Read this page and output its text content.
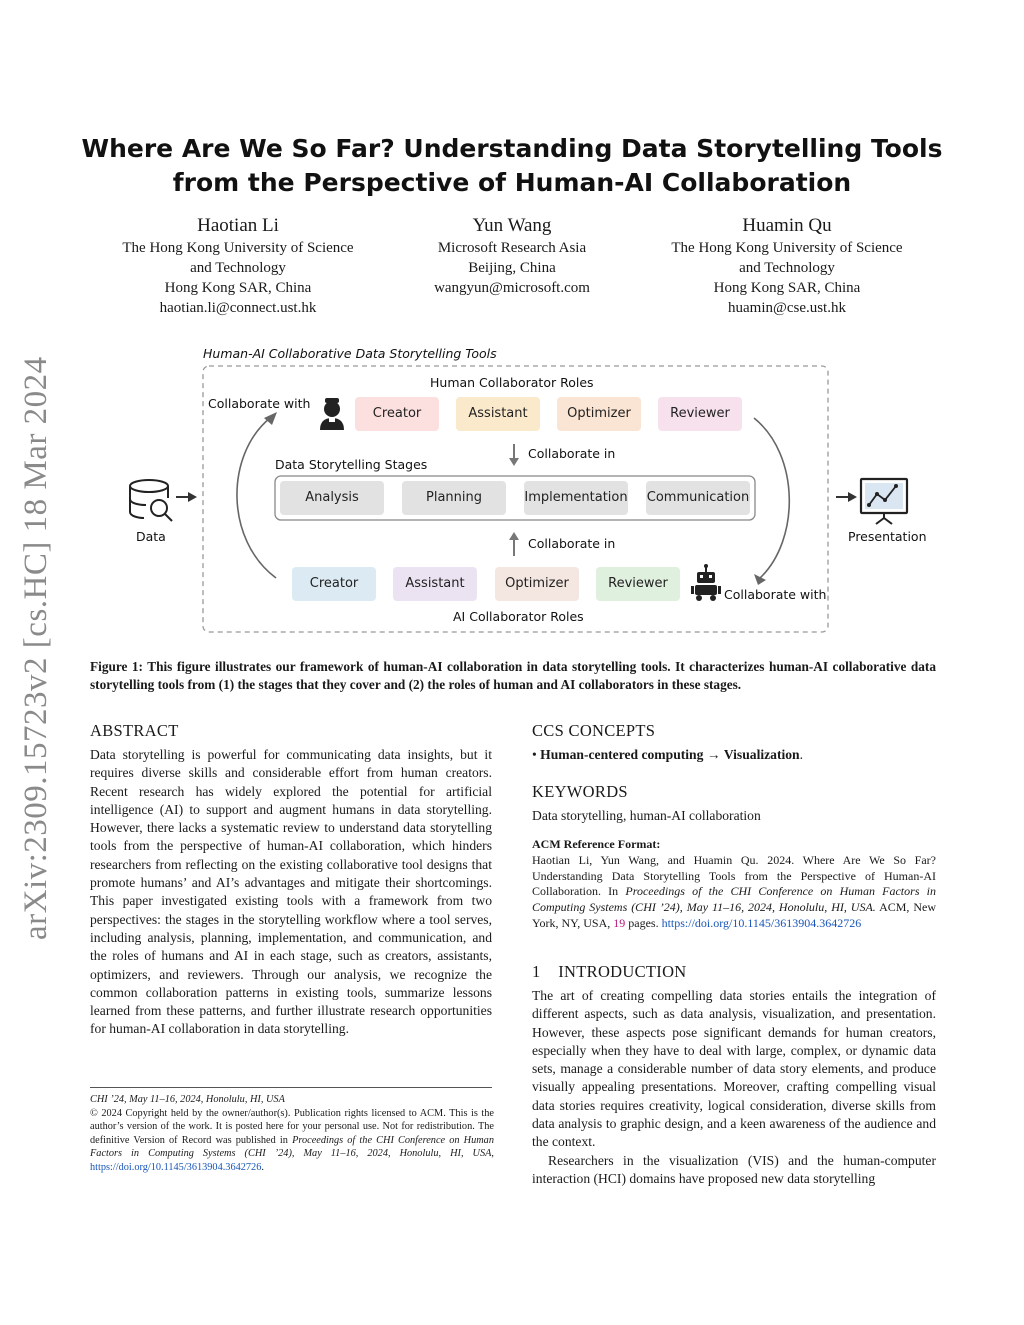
arXiv:2309.15723v2 [cs.HC] 18 Mar 2024
Where Are We So Far? Understanding Data Storytelling Tools
from the Perspective of Human-AI Collaboration
Haotian Li
The Hong Kong University of Science
and Technology
Hong Kong SAR, China
haotian.li@connect.ust.hk
Yun Wang
Microsoft Research Asia
Beijing, China
wangyun@microsoft.com
Huamin Qu
The Hong Kong University of Science
and Technology
Hong Kong SAR, China
huamin@cse.ust.hk
Human-AI Collaborative Data Storytelling Tools
Human Collaborator Roles
Collaborate with
Creator	Assistant	Optimizer	Reviewer
Collaborate in
Data Storytelling Stages
Analysis	Planning	Implementation Communication
Collaborate in
Creator	Assistant	Optimizer	Reviewer
Collaborate with
AI Collaborator Roles
Data	Presentation
Figure 1: This figure illustrates our framework of human-AI collaboration in data storytelling tools. It characterizes human-AI collaborative data storytelling tools from (1) the stages that they cover and (2) the roles of human and AI collaborators in these stages.
ABSTRACT
Data storytelling is powerful for communicating data insights, but it requires diverse skills and considerable effort from human creators. Recent research has widely explored the potential for artificial intelligence (AI) to support and augment humans in data storytelling. However, there lacks a systematic review to understand data storytelling tools from the perspective of human-AI collaboration, which hinders researchers from reflecting on the existing collaborative tool designs that promote humans’ and AI’s advantages and mitigate their shortcomings. This paper investigated existing tools with a framework from two perspectives: the stages in the storytelling workflow where a tool serves, including analysis, planning, implementation, and communication, and the roles of humans and AI in each stage, such as creators, assistants, optimizers, and reviewers. Through our analysis, we recognize the common collaboration patterns in existing tools, summarize lessons learned from these patterns, and further illustrate research opportunities for human-AI collaboration in data storytelling.
CHI ’24, May 11–16, 2024, Honolulu, HI, USA
© 2024 Copyright held by the owner/author(s). Publication rights licensed to ACM. This is the author’s version of the work. It is posted here for your personal use. Not for redistribution. The definitive Version of Record was published in Proceedings of the CHI Conference on Human Factors in Computing Systems (CHI ’24), May 11–16, 2024, Honolulu, HI, USA, https://doi.org/10.1145/3613904.3642726.
CCS CONCEPTS
• Human-centered computing → Visualization.
KEYWORDS
Data storytelling, human-AI collaboration
ACM Reference Format:
Haotian Li, Yun Wang, and Huamin Qu. 2024. Where Are We So Far? Understanding Data Storytelling Tools from the Perspective of Human-AI Collaboration. In Proceedings of the CHI Conference on Human Factors in Computing Systems (CHI ’24), May 11–16, 2024, Honolulu, HI, USA. ACM, New York, NY, USA, 19 pages. https://doi.org/10.1145/3613904.3642726
1 INTRODUCTION
The art of creating compelling data stories entails the integration of different aspects, such as data analysis, visualization, and presentation. However, these aspects pose significant demands for human creators, especially when they have to deal with large, complex, or dynamic data sets, manage a considerable number of data story elements, and produce visually appealing presentations. Moreover, crafting compelling visual data stories requires creativity, logical consideration, diverse skills from data analysis to graphic design, and a keen awareness of the audience and the context.
Researchers in the visualization (VIS) and the human-computer interaction (HCI) domains have proposed new data storytelling
